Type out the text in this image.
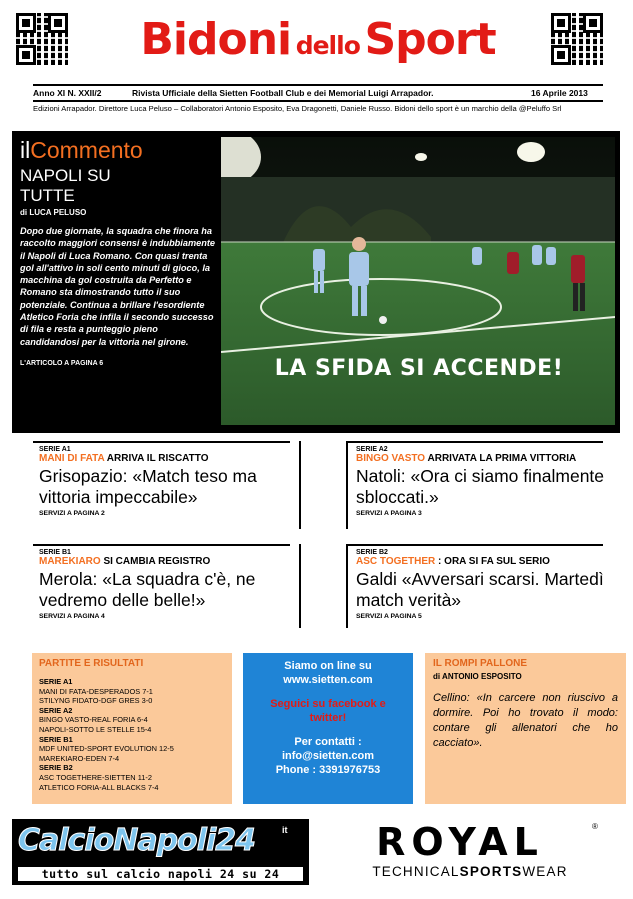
Bidoni dello Sport
Anno XI N. XXII/2	Rivista Ufficiale della Sietten Football Club e dei Memorial Luigi Arrapador.	16 Aprile 2013
Edizioni Arrapador. Direttore Luca Peluso – Collaboratori Antonio Esposito, Eva Dragonetti, Daniele Russo. Bidoni dello sport è un marchio della @Peluffo Srl
ilCommento
NAPOLI SU TUTTE
di LUCA PELUSO
Dopo due giornate, la squadra che finora ha raccolto maggiori consensi è indubbiamente il Napoli di Luca Romano. Con quasi trenta gol all'attivo in soli cento minuti di gioco, la macchina da gol costruita da Perfetto e Romano sta dimostrando tutto il suo potenziale. Continua a brillare l'esordiente Atletico Foria che infila il secondo successo di fila e resta a punteggio pieno candidandosi per la vittoria nel girone.
L'ARTICOLO A PAGINA 6	LA SFIDA SI ACCENDE!
SERIE A1
MANI DI FATA ARRIVA IL RISCATTO
Grisopazio: «Match teso ma vittoria impeccabile»
SERVIZI A PAGINA 2
SERIE A2
BINGO VASTO ARRIVATA LA PRIMA VITTORIA
Natoli: «Ora ci siamo finalmente sbloccati.»
SERVIZI A PAGINA 3
SERIE B1
MAREKIARO SI CAMBIA REGISTRO
Merola: «La squadra c'è, ne vedremo delle belle!»
SERVIZI A PAGINA 4
SERIE B2
ASC TOGETHER : ORA SI FA SUL SERIO
Galdi «Avversari scarsi. Martedì match verità»
SERVIZI A PAGINA 5
PARTITE E RISULTATI
SERIE A1
MANI DI FATA-DESPERADOS 7-1
STILYNG FIDATO-DGF GRES 3-0
SERIE A2
BINGO VASTO-REAL FORIA 6-4
NAPOLI-SOTTO LE STELLE 15-4
SERIE B1
MDF UNITED-SPORT EVOLUTION 12-5
MAREKIARO-EDEN 7-4
SERIE B2
ASC TOGETHERE-SIETTEN 11-2
ATLETICO FORIA-ALL BLACKS 7-4
Siamo on line su
www.sietten.com
Seguici su facebook e twitter!
Per contatti :
info@sietten.com
Phone : 3391976753
IL ROMPI PALLONE
di ANTONIO ESPOSITO
Cellino: «In carcere non riuscivo a dormire. Poi ho trovato il modo: contare gli allenatori che ho cacciato».
CalcioNapoli24	it
tutto sul calcio napoli 24 su 24
ROYAL	®
TECHNICALSPORTSWEAR
